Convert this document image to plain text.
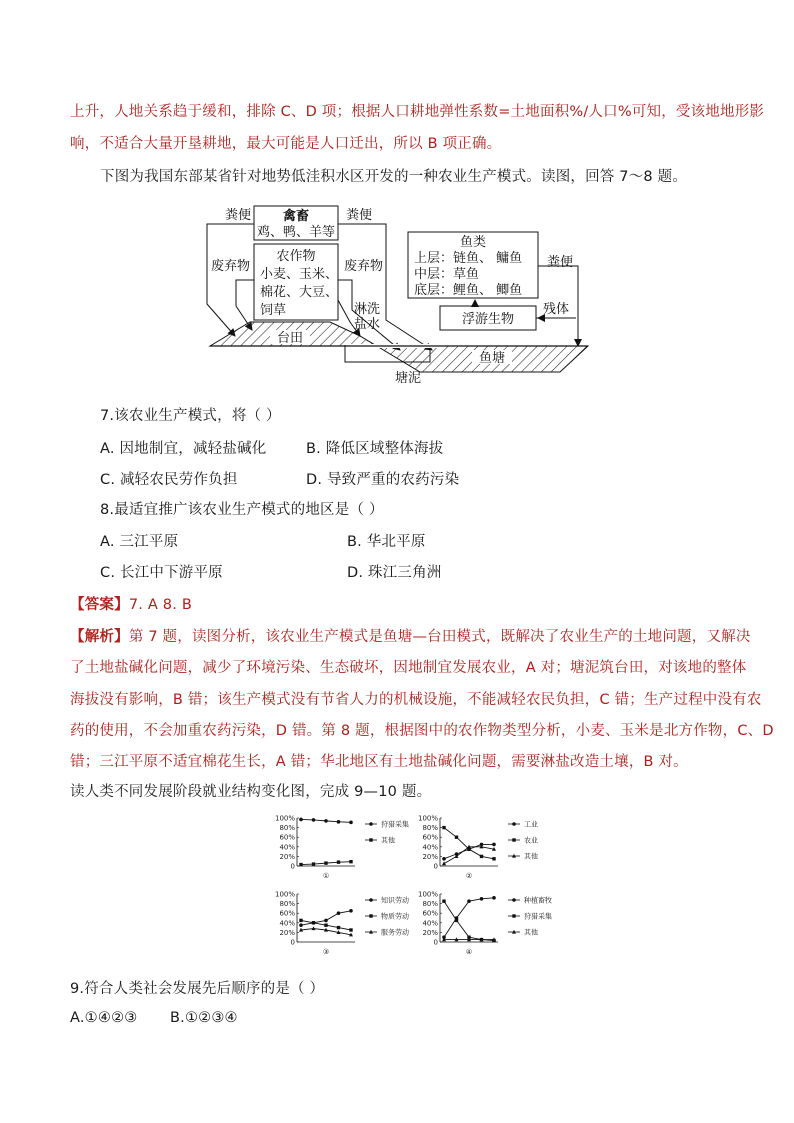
上升，人地关系趋于缓和，排除 C、D 项；根据人口耕地弹性系数=土地面积%/人口%可知，受该地地形影
响，不适合大量开垦耕地，最大可能是人口迁出，所以 B 项正确。
下图为我国东部某省针对地势低洼积水区开发的一种农业生产模式。读图，回答 7～8 题。
禽畜
鸡、鸭、羊等
农作物
小麦、玉米、
棉花、大豆、
饲草
鱼类
上层：链鱼、 鳙鱼
中层：草鱼
底层：鲤鱼、 鲫鱼
浮游生物
粪便	粪便
粪便
废弃物	废弃物
淋洗
盐水
残体
台田
鱼塘
塘泥
7.该农业生产模式，将（ ）
A. 因地制宜，减轻盐碱化	B. 降低区域整体海拔
C. 减轻农民劳作负担	D. 导致严重的农药污染
8.最适宜推广该农业生产模式的地区是（ ）
A. 三江平原	B. 华北平原
C. 长江中下游平原	D. 珠江三角洲
【答案】7. A 8. B
【解析】第 7 题，读图分析，该农业生产模式是鱼塘—台田模式，既解决了农业生产的土地问题，又解决
了土地盐碱化问题，减少了环境污染、生态破坏，因地制宜发展农业，A 对；塘泥筑台田，对该地的整体
海拔没有影响，B 错；该生产模式没有节省人力的机械设施，不能减轻农民负担，C 错；生产过程中没有农
药的使用，不会加重农药污染，D 错。第 8 题，根据图中的农作物类型分析，小麦、玉米是北方作物，C、D
错；三江平原不适宜棉花生长，A 错；华北地区有土地盐碱化问题，需要淋盐改造土壤，B 对。
读人类不同发展阶段就业结构变化图，完成 9—10 题。
100%
80%
60%
40%
20%
0
狩猎采集
其他
①
100%
80%
60%
40%
20%
0
工业
农业
其他
②
100%
80%
60%
40%
20%
0
知识劳动
物质劳动
服务劳动
③
100%
80%
60%
40%
20%
0
种植畜牧
狩猎采集
其他
④
9.符合人类社会发展先后顺序的是（ ）
A.①④②③ B.①②③④
